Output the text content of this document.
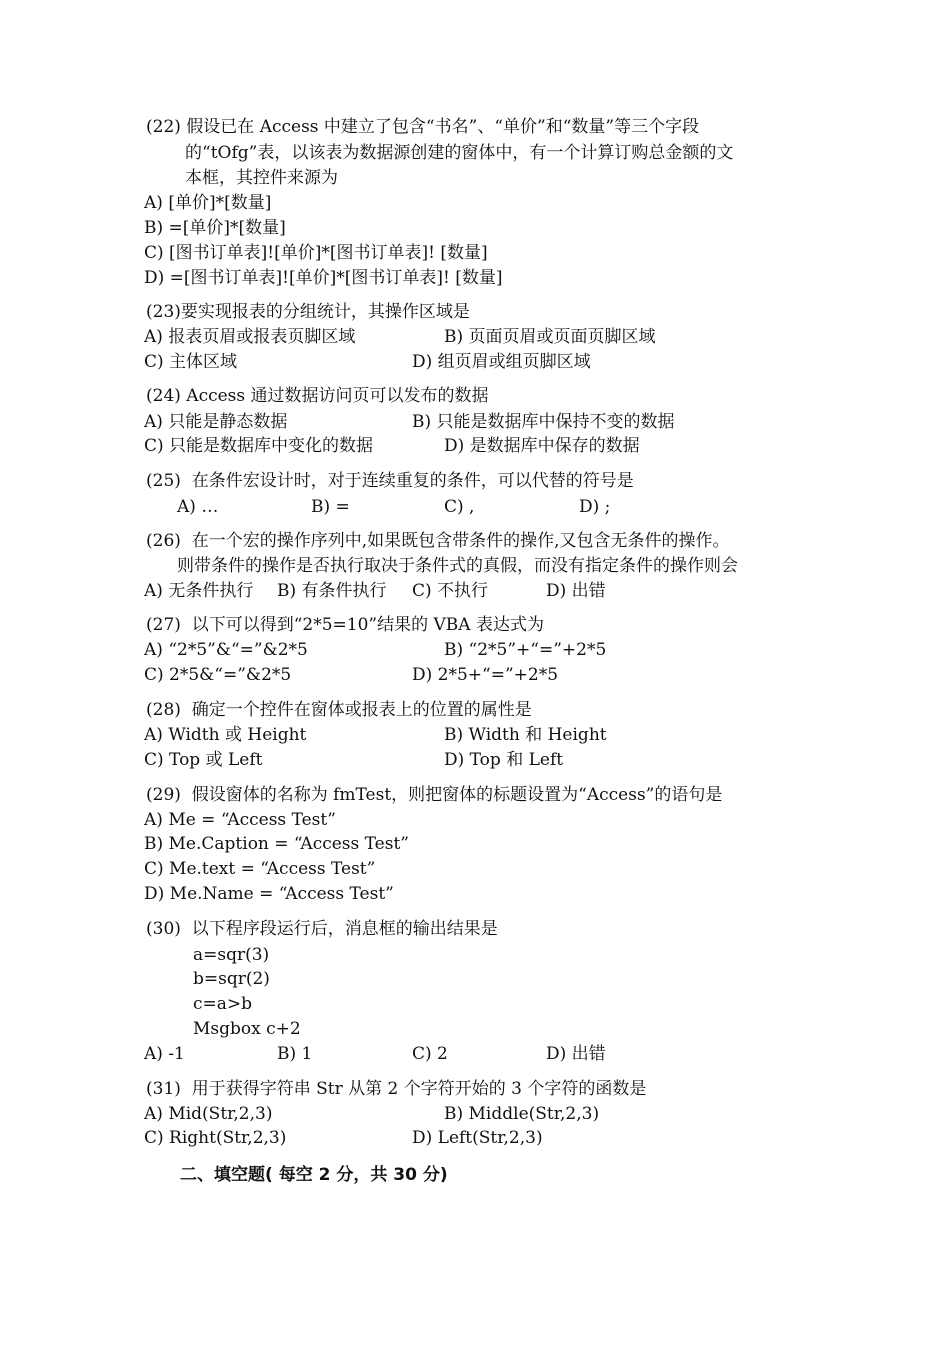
(22) 假设已在 Access 中建立了包含“书名”、“单价”和“数量”等三个字段
的“tOfg”表，以该表为数据源创建的窗体中，有一个计算订购总金额的文
本框，其控件来源为
A) [单价]*[数量]
B) =[单价]*[数量]
C) [图书订单表]![单价]*[图书订单表]! [数量]
D) =[图书订单表]![单价]*[图书订单表]! [数量]
(23)要实现报表的分组统计，其操作区域是
A) 报表页眉或报表页脚区域	B) 页面页眉或页面页脚区域
C) 主体区域	D) 组页眉或组页脚区域
(24) Access 通过数据访问页可以发布的数据
A) 只能是静态数据	B) 只能是数据库中保持不变的数据
C) 只能是数据库中变化的数据	D) 是数据库中保存的数据
(25)  在条件宏设计时，对于连续重复的条件，可以代替的符号是
A) …	B) =	C) ,	D) ;
(26)  在一个宏的操作序列中,如果既包含带条件的操作,又包含无条件的操作。
则带条件的操作是否执行取决于条件式的真假，而没有指定条件的操作则会
A) 无条件执行 B) 有条件执行 C) 不执行	D) 出错
(27)  以下可以得到“2*5=10”结果的 VBA 表达式为
A) “2*5”&“=”&2*5	B) “2*5”+“=”+2*5
C) 2*5&“=”&2*5	D) 2*5+“=”+2*5
(28)  确定一个控件在窗体或报表上的位置的属性是
A) Width 或 Height	B) Width 和 Height
C) Top 或 Left	D) Top 和 Left
(29)  假设窗体的名称为 fmTest，则把窗体的标题设置为“Access”的语句是
A) Me = “Access Test”
B) Me.Caption = “Access Test”
C) Me.text = “Access Test”
D) Me.Name = “Access Test”
(30)  以下程序段运行后，消息框的输出结果是
a=sqr(3)
b=sqr(2)
c=a>b
Msgbox c+2
A) -1	B) 1	C) 2	D) 出错
(31)  用于获得字符串 Str 从第 2 个字符开始的 3 个字符的函数是
A) Mid(Str,2,3)	B) Middle(Str,2,3)
C) Right(Str,2,3)	D) Left(Str,2,3)
二、填空题( 每空 2 分，共 30 分)
